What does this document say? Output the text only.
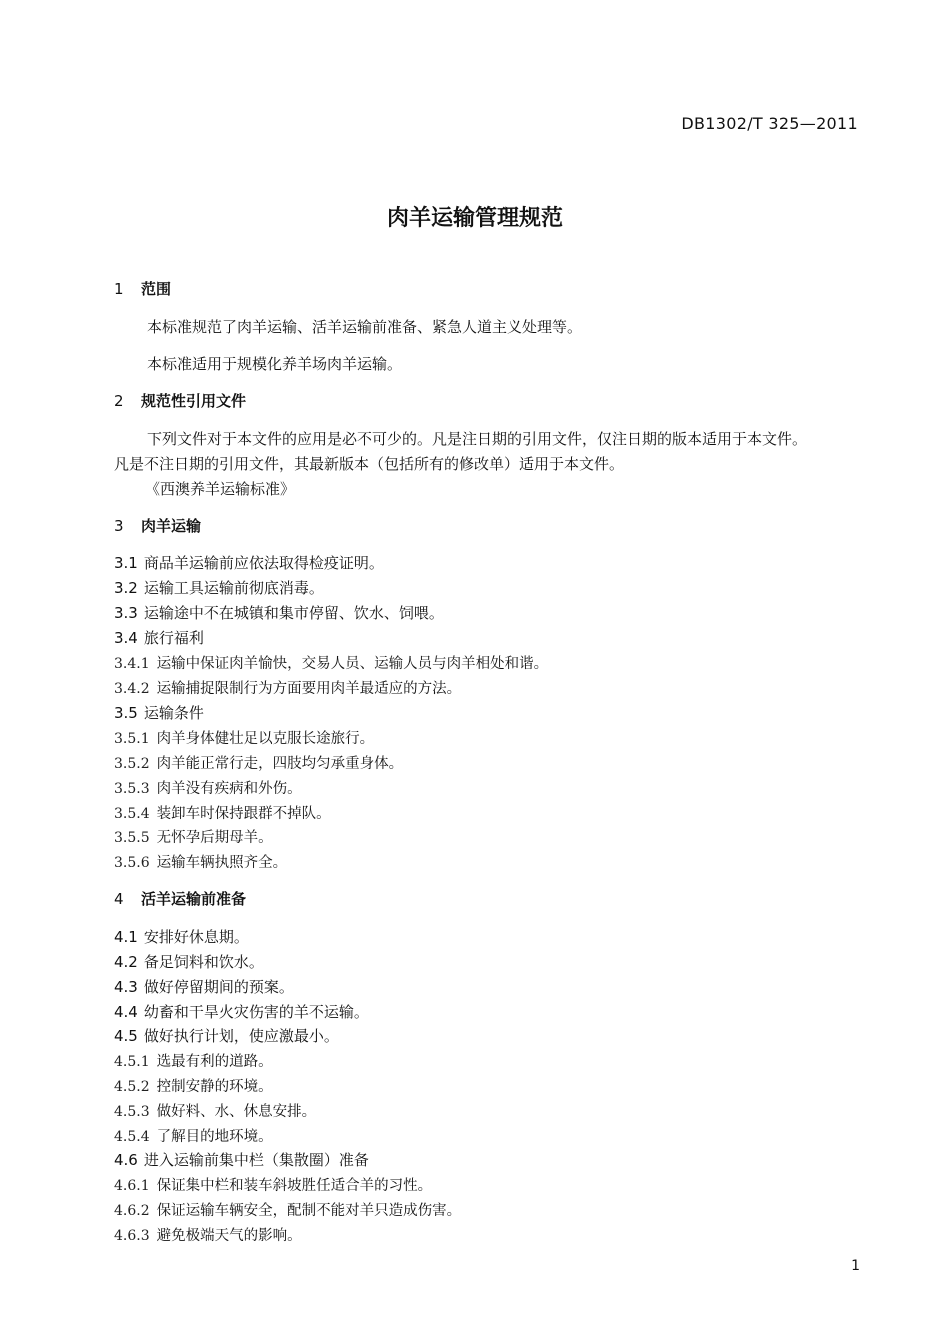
DB1302/T 325—2011
肉羊运输管理规范
1 范围
本标准规范了肉羊运输、活羊运输前准备、紧急人道主义处理等。
本标准适用于规模化养羊场肉羊运输。
2 规范性引用文件
下列文件对于本文件的应用是必不可少的。凡是注日期的引用文件，仅注日期的版本适用于本文件。
凡是不注日期的引用文件，其最新版本（包括所有的修改单）适用于本文件。
《西澳养羊运输标准》
3 肉羊运输
3.1 商品羊运输前应依法取得检疫证明。
3.2 运输工具运输前彻底消毒。
3.3 运输途中不在城镇和集市停留、饮水、饲喂。
3.4 旅行福利
3.4.1 运输中保证肉羊愉快，交易人员、运输人员与肉羊相处和谐。
3.4.2 运输捕捉限制行为方面要用肉羊最适应的方法。
3.5 运输条件
3.5.1 肉羊身体健壮足以克服长途旅行。
3.5.2 肉羊能正常行走，四肢均匀承重身体。
3.5.3 肉羊没有疾病和外伤。
3.5.4 装卸车时保持跟群不掉队。
3.5.5 无怀孕后期母羊。
3.5.6 运输车辆执照齐全。
4 活羊运输前准备
4.1 安排好休息期。
4.2 备足饲料和饮水。
4.3 做好停留期间的预案。
4.4 幼畜和干旱火灾伤害的羊不运输。
4.5 做好执行计划，使应激最小。
4.5.1 选最有利的道路。
4.5.2 控制安静的环境。
4.5.3 做好料、水、休息安排。
4.5.4 了解目的地环境。
4.6 进入运输前集中栏（集散圈）准备
4.6.1 保证集中栏和装车斜坡胜任适合羊的习性。
4.6.2 保证运输车辆安全，配制不能对羊只造成伤害。
4.6.3 避免极端天气的影响。
1
